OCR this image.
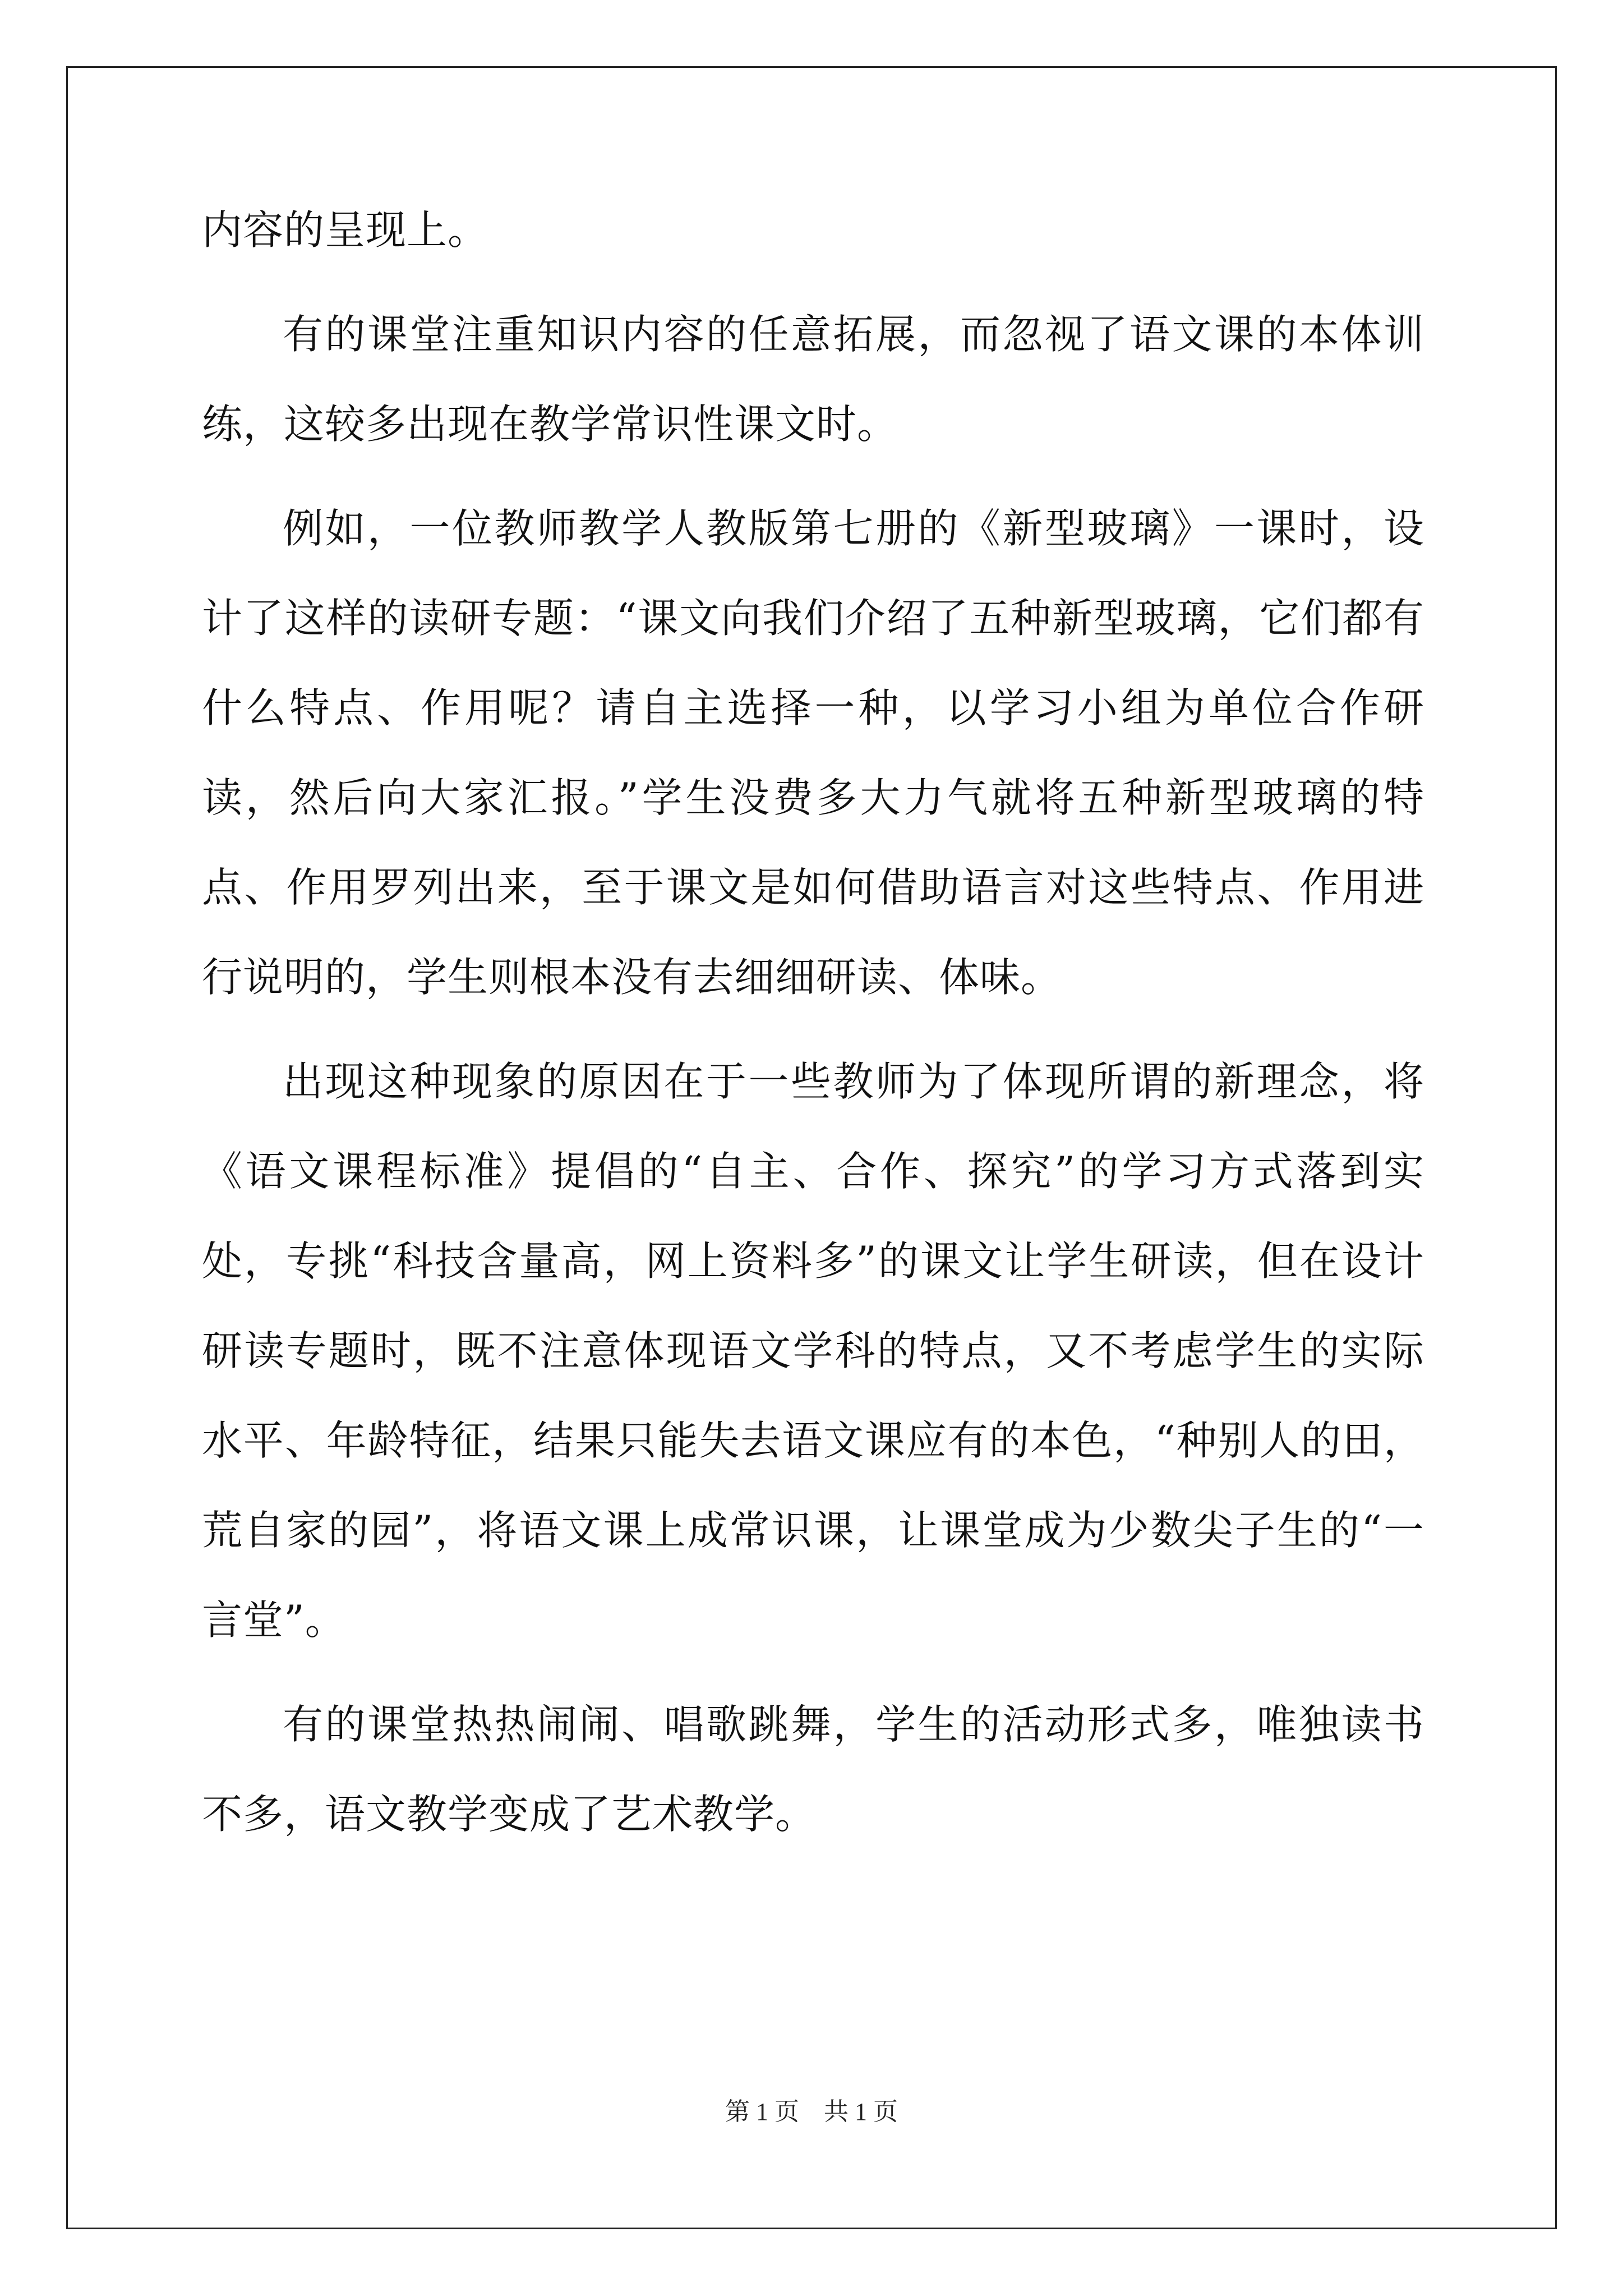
内容的呈现上。

有的课堂注重知识内容的任意拓展，而忽视了语文课的本体训练，这较多出现在教学常识性课文时。

例如，一位教师教学人教版第七册的《新型玻璃》一课时，设计了这样的读研专题：“课文向我们介绍了五种新型玻璃，它们都有什么特点、作用呢？请自主选择一种，以学习小组为单位合作研读，然后向大家汇报。”学生没费多大力气就将五种新型玻璃的特点、作用罗列出来，至于课文是如何借助语言对这些特点、作用进行说明的，学生则根本没有去细细研读、体味。

出现这种现象的原因在于一些教师为了体现所谓的新理念，将《语文课程标准》提倡的“自主、合作、探究”的学习方式落到实处，专挑“科技含量高，网上资料多”的课文让学生研读，但在设计研读专题时，既不注意体现语文学科的特点，又不考虑学生的实际水平、年龄特征，结果只能失去语文课应有的本色，“种别人的田，荒自家的园”，将语文课上成常识课，让课堂成为少数尖子生的“一言堂”。

有的课堂热热闹闹、唱歌跳舞，学生的活动形式多，唯独读书不多，语文教学变成了艺术教学。

第 1 页　共 1 页
